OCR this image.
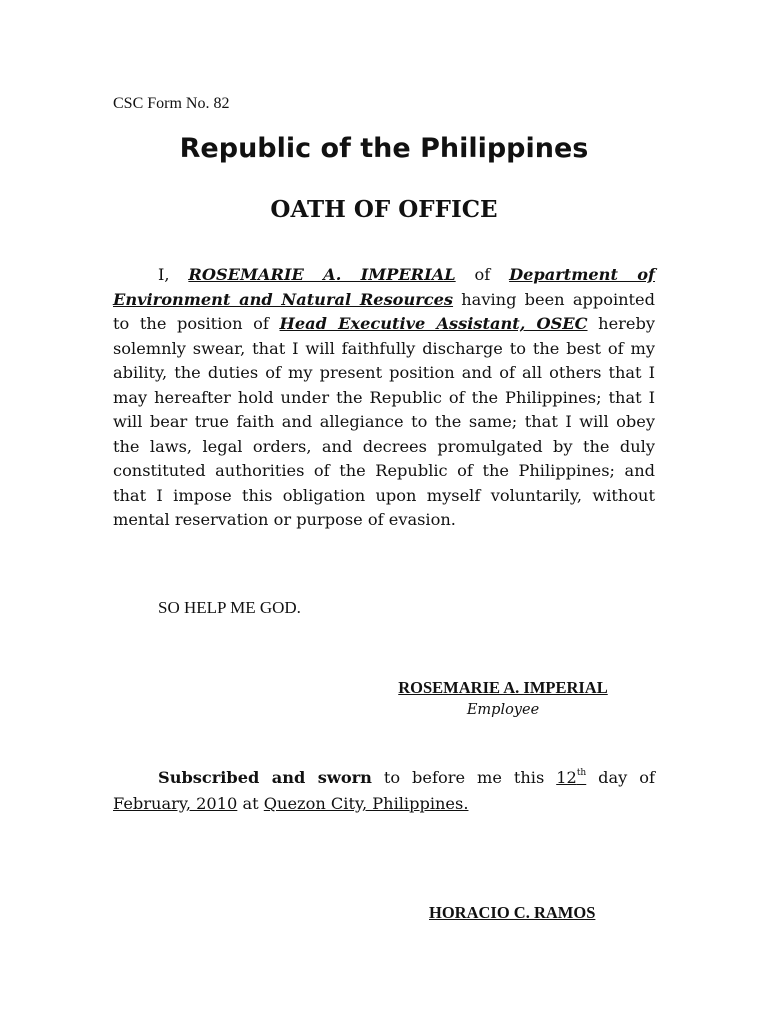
CSC Form No. 82

Republic of the Philippines
OATH OF OFFICE

I, ROSEMARIE A. IMPERIAL of Department of Environment and Natural Resources having been appointed to the position of Head Executive Assistant, OSEC hereby solemnly swear, that I will faithfully discharge to the best of my ability, the duties of my present position and of all others that I may hereafter hold under the Republic of the Philippines; that I will bear true faith and allegiance to the same; that I will obey the laws, legal orders, and decrees promulgated by the duly constituted authorities of the Republic of the Philippines; and that I impose this obligation upon myself voluntarily, without mental reservation or purpose of evasion.

SO HELP ME GOD.

ROSEMARIE A. IMPERIAL
Employee

Subscribed and sworn to before me this 12th day of February, 2010 at Quezon City, Philippines.

HORACIO C. RAMOS
